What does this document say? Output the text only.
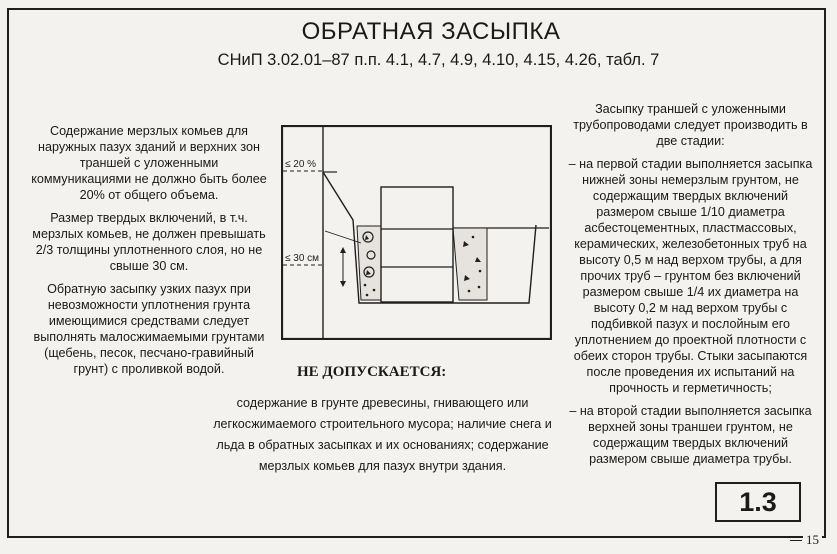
ОБРАТНАЯ ЗАСЫПКА
СНиП 3.02.01–87 п.п. 4.1, 4.7, 4.9, 4.10, 4.15, 4.26, табл. 7

Содержание мерзлых комьев для наружных пазух зданий и верхних зон траншей с уложенными коммуникациями не должно быть более 20% от общего объема.

Размер твердых включений, в т.ч. мерзлых комьев, не должен превышать 2/3 толщины уплотненного слоя, но не свыше 30 см.

Обратную засыпку узких пазух при невозможности уплотнения грунта имеющимися средствами следует выполнять малосжимаемыми грунтами (щебень, песок, песчано-гравийный грунт) с проливкой водой.

≤ 20 %
≤ 30 см
НЕ ДОПУСКАЕТСЯ:
содержание в грунте древесины, гнивающего или легкосжимаемого строительного мусора; наличие снега и льда в обратных засыпках и их основаниях; содержание мерзлых комьев для пазух внутри здания.

Засыпку траншей с уложенными трубопроводами следует производить в две стадии:

– на первой стадии выполняется засыпка нижней зоны немерзлым грунтом, не содержащим твердых включений размером свыше 1/10 диаметра асбестоцементных, пластмассовых, керамических, железобетонных труб на высоту 0,5 м над верхом трубы, а для прочих труб – грунтом без включений размером свыше 1/4 их диаметра на высоту 0,2 м над верхом трубы с подбивкой пазух и послойным его уплотнением до проектной плотности с обеих сторон трубы. Стыки засыпаются после проведения их испытаний на прочность и герметичность;

– на второй стадии выполняется засыпка верхней зоны траншеи грунтом, не содержащим твердых включений размером свыше диаметра трубы.

1.3
15
